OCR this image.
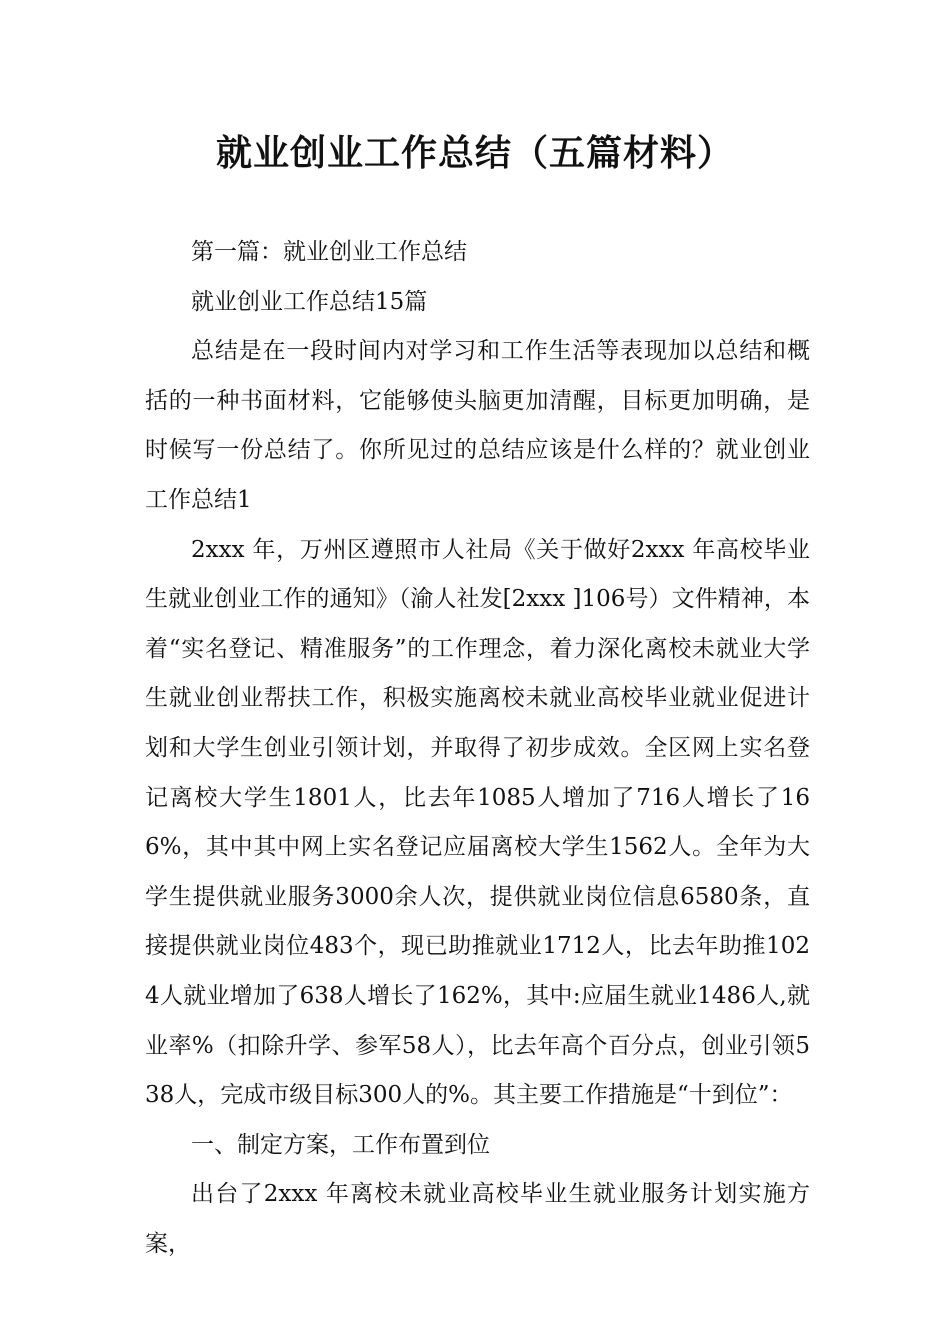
就业创业工作总结（五篇材料）

第一篇：就业创业工作总结

就业创业工作总结15篇

总结是在一段时间内对学习和工作生活等表现加以总结和概括的一种书面材料，它能够使头脑更加清醒，目标更加明确，是时候写一份总结了。你所见过的总结应该是什么样的？就业创业工作总结1

2xxx 年，万州区遵照市人社局《关于做好2xxx 年高校毕业生就业创业工作的通知》（渝人社发[2xxx ]106号）文件精神，本着“实名登记、精准服务”的工作理念，着力深化离校未就业大学生就业创业帮扶工作，积极实施离校未就业高校毕业就业促进计划和大学生创业引领计划，并取得了初步成效。全区网上实名登记离校大学生1801人，比去年1085人增加了716人增长了166%，其中其中网上实名登记应届离校大学生1562人。全年为大学生提供就业服务3000余人次，提供就业岗位信息6580条，直接提供就业岗位483个，现已助推就业1712人，比去年助推1024人就业增加了638人增长了162%，其中:应届生就业1486人,就业率%（扣除升学、参军58人），比去年高个百分点，创业引领538人，完成市级目标300人的%。其主要工作措施是“十到位”：

一、制定方案，工作布置到位

出台了2xxx 年离校未就业高校毕业生就业服务计划实施方案，
